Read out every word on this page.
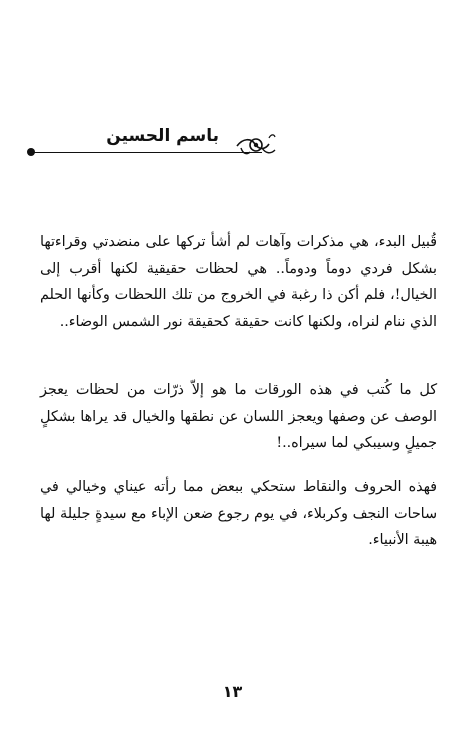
باسم الحسين
قُبيل البدء، هي مذكرات وآهات لم أشأ تركها على منضدتي وقراءتها بشكل فردي دوماً ودوماً.. هي لحظات حقيقية لكنها أقرب إلى الخيال!، فلم أكن ذا رغبة في الخروج من تلك اللحظات وكأنها الحلم الذي ننام لنراه، ولكنها كانت حقيقة كحقيقة نور الشمس الوضاء..
كل ما كُتب في هذه الورقات ما هو إلاّ ذرّات من لحظات يعجز الوصف عن وصفها ويعجز اللسان عن نطقها والخيال قد يراها بشكلٍ جميلٍ وسيبكي لما سيراه..!
فهذه الحروف والنقاط ستحكي ببعض مما رأته عيناي وخيالي في ساحات النجف وكربلاء، في يوم رجوع ضعن الإباء مع سيدةٍ جليلة لها هيبة الأنبياء.
١٣
